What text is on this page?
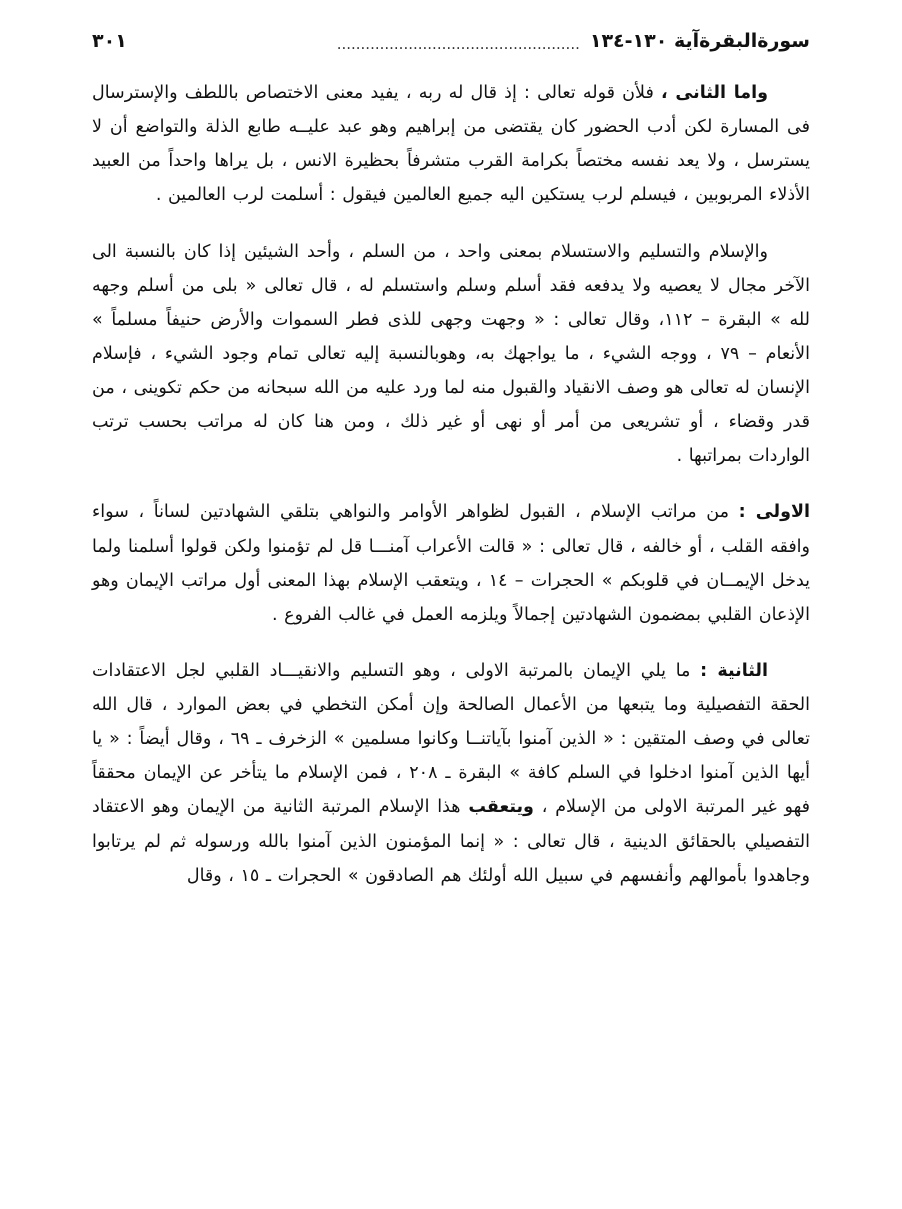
سورةالبقرةآية ١٣٠-١٣٤
...................................................
٣٠١

واما الثانى ، فلأن قوله تعالى : إذ قال له ربه ، يفيد معنى الاختصاص باللطف والإسترسال فى المسارة لكن أدب الحضور كان يقتضى من إبراهيم وهو عبد عليــه طابع الذلة والتواضع أن لا يسترسل ، ولا يعد نفسه مختصاً بكرامة القرب متشرفاً بحظيرة الانس ، بل يراها واحداً من العبيد الأذلاء المربوبين ، فيسلم لرب يستكين اليه جميع العالمين فيقول : أسلمت لرب العالمين .

والإسلام والتسليم والاستسلام بمعنى واحد ، من السلم ، وأحد الشيئين إذا كان بالنسبة الى الآخر مجال لا يعصيه ولا يدفعه فقد أسلم وسلم واستسلم له ، قال تعالى « بلى من أسلم وجهه لله » البقرة – ١١٢، وقال تعالى : « وجهت وجهى للذى فطر السموات والأرض حنيفاً مسلماً » الأنعام – ٧٩ ، ووجه الشيء ، ما يواجهك به، وهوبالنسبة إليه تعالى تمام وجود الشيء ، فإسلام الإنسان له تعالى هو وصف الانقياد والقبول منه لما ورد عليه من الله سبحانه من حكم تكوينى ، من قدر وقضاء ، أو تشريعى من أمر أو نهى أو غير ذلك ، ومن هنا كان له مراتب بحسب ترتب الواردات بمراتبها .

الاولى : من مراتب الإسلام ، القبول لظواهر الأوامر والنواهي بتلقي الشهادتين لساناً ، سواء وافقه القلب ، أو خالفه ، قال تعالى : « قالت الأعراب آمنـــا قل لم تؤمنوا ولكن قولوا أسلمنا ولما يدخل الإيمــان في قلوبكم » الحجرات – ١٤ ، ويتعقب الإسلام بهذا المعنى أول مراتب الإيمان وهو الإذعان القلبي بمضمون الشهادتين إجمالاً ويلزمه العمل في غالب الفروع .

الثانية : ما يلي الإيمان بالمرتبة الاولى ، وهو التسليم والانقيـــاد القلبي لجل الاعتقادات الحقة التفصيلية وما يتبعها من الأعمال الصالحة وإن أمكن التخطي في بعض الموارد ، قال الله تعالى في وصف المتقين : « الذين آمنوا بآياتنــا وكانوا مسلمين » الزخرف ـ ٦٩ ، وقال أيضاً : « يا أيها الذين آمنوا ادخلوا في السلم كافة » البقرة ـ ٢٠٨ ، فمن الإسلام ما يتأخر عن الإيمان محققاً فهو غير المرتبة الاولى من الإسلام ، ويتعقب هذا الإسلام المرتبة الثانية من الإيمان وهو الاعتقاد التفصيلي بالحقائق الدينية ، قال تعالى : « إنما المؤمنون الذين آمنوا بالله ورسوله ثم لم يرتابوا وجاهدوا بأموالهم وأنفسهم في سبيل الله أولئك هم الصادقون » الحجرات ـ ١٥ ، وقال
